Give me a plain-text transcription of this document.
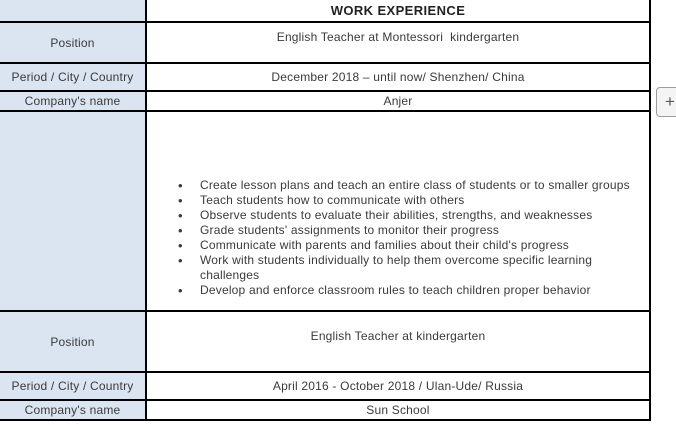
WORK EXPERIENCE
Position	English Teacher at Montessori  kindergarten
Period / City / Country	December 2018 – until now/ Shenzhen/ China
Company's name	Anjer

• Create lesson plans and teach an entire class of students or to smaller groups
• Teach students how to communicate with others
• Observe students to evaluate their abilities, strengths, and weaknesses
• Grade students' assignments to monitor their progress
• Communicate with parents and families about their child's progress
• Work with students individually to help them overcome specific learning challenges
• Develop and enforce classroom rules to teach children proper behavior

Position	English Teacher at kindergarten
Period / City / Country	April 2016 - October 2018 / Ulan-Ude/ Russia
Company's name	Sun School
+
